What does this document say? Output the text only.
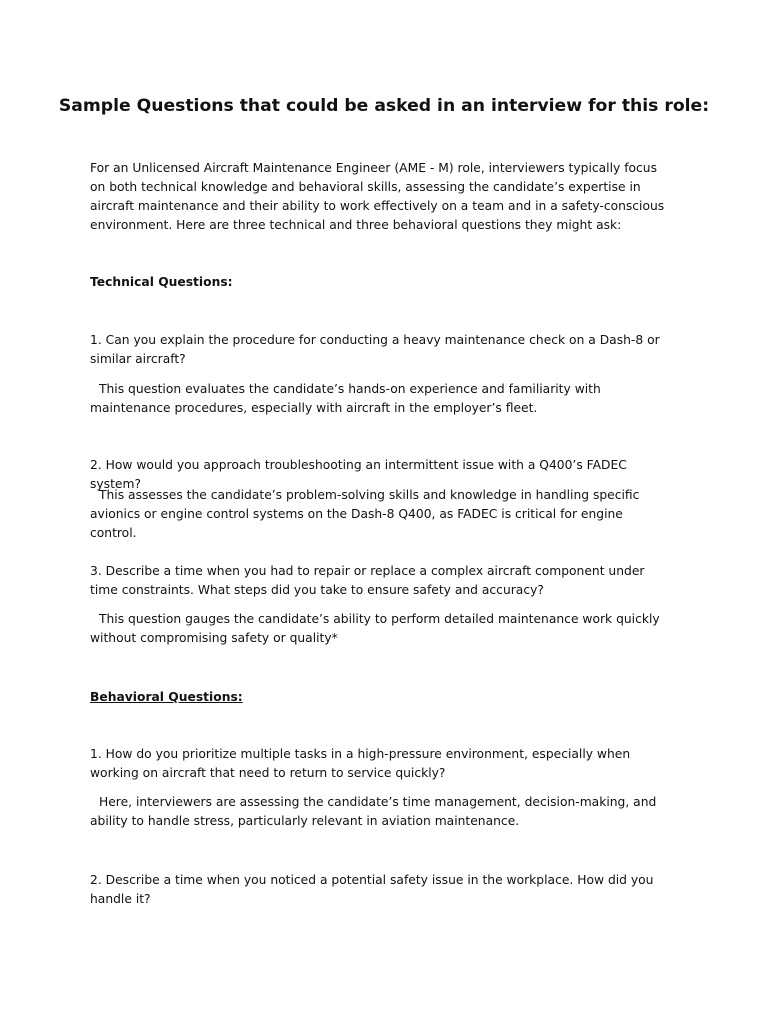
Sample Questions that could be asked in an interview for this role:

For an Unlicensed Aircraft Maintenance Engineer (AME - M) role, interviewers typically focus on both technical knowledge and behavioral skills, assessing the candidate’s expertise in aircraft maintenance and their ability to work effectively on a team and in a safety-conscious environment. Here are three technical and three behavioral questions they might ask:

Technical Questions:

1. Can you explain the procedure for conducting a heavy maintenance check on a Dash-8 or similar aircraft?

This question evaluates the candidate’s hands-on experience and familiarity with maintenance procedures, especially with aircraft in the employer’s fleet.

2. How would you approach troubleshooting an intermittent issue with a Q400’s FADEC system?

This assesses the candidate’s problem-solving skills and knowledge in handling specific avionics or engine control systems on the Dash-8 Q400, as FADEC is critical for engine control.

3. Describe a time when you had to repair or replace a complex aircraft component under time constraints. What steps did you take to ensure safety and accuracy?

This question gauges the candidate’s ability to perform detailed maintenance work quickly without compromising safety or quality*

Behavioral Questions:

1. How do you prioritize multiple tasks in a high-pressure environment, especially when working on aircraft that need to return to service quickly?

Here, interviewers are assessing the candidate’s time management, decision-making, and ability to handle stress, particularly relevant in aviation maintenance.

2. Describe a time when you noticed a potential safety issue in the workplace. How did you handle it?
